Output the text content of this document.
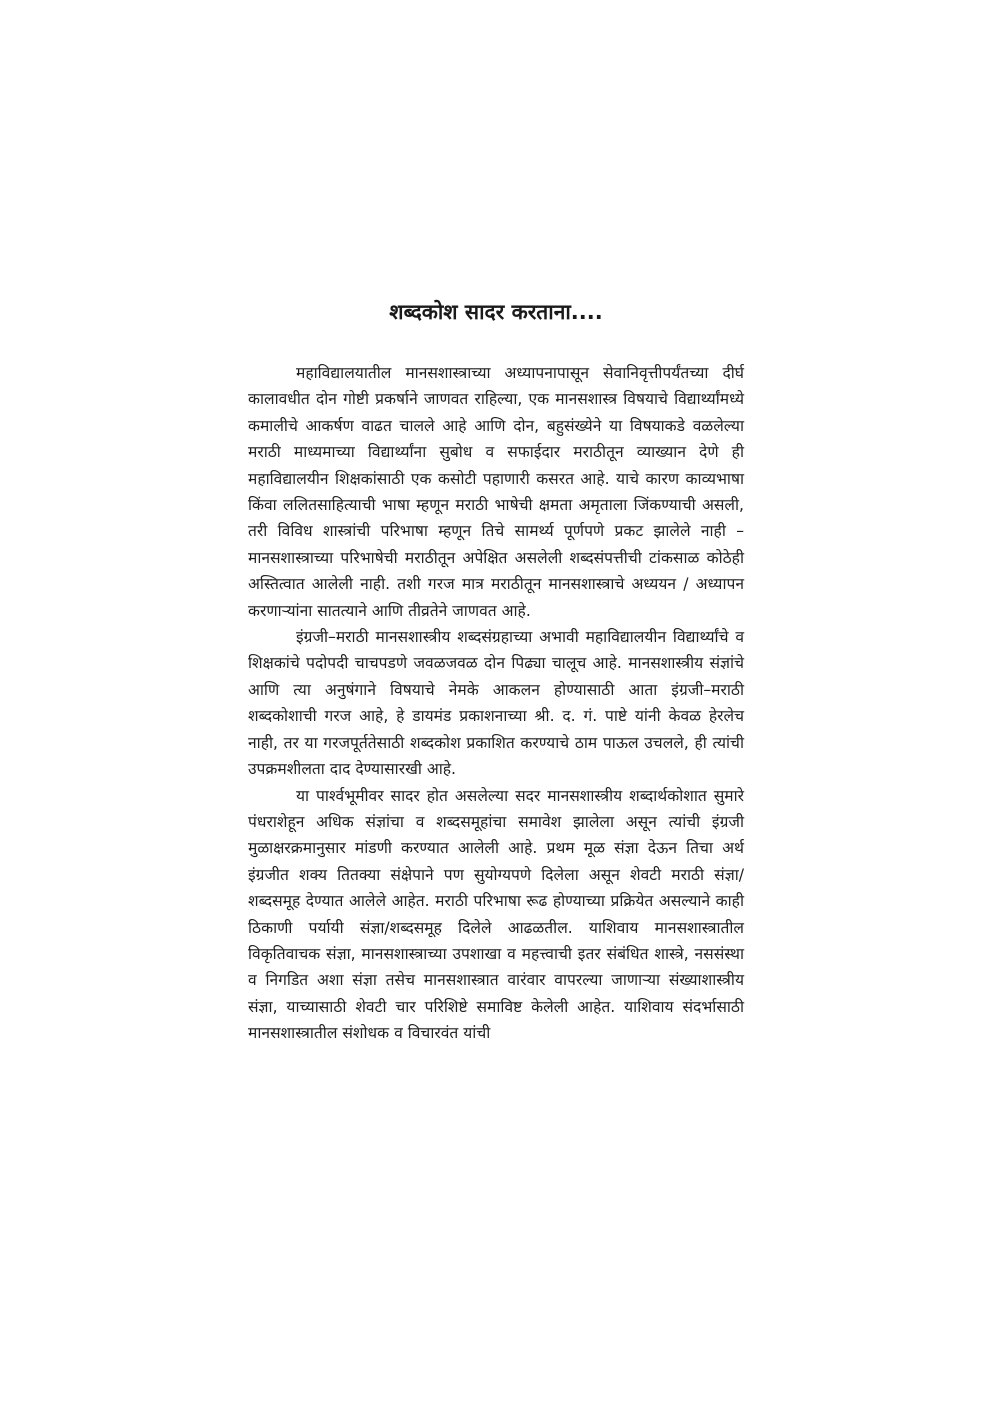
शब्दकोश सादर करताना....

महाविद्यालयातील मानसशास्त्राच्या अध्यापनापासून सेवानिवृत्तीपर्यंतच्या दीर्घ कालावधीत दोन गोष्टी प्रकर्षाने जाणवत राहिल्या, एक मानसशास्त्र विषयाचे विद्यार्थ्यांमध्ये कमालीचे आकर्षण वाढत चालले आहे आणि दोन, बहुसंख्येने या विषयाकडे वळलेल्या मराठी माध्यमाच्या विद्यार्थ्यांना सुबोध व सफाईदार मराठीतून व्याख्यान देणे ही महाविद्यालयीन शिक्षकांसाठी एक कसोटी पहाणारी कसरत आहे. याचे कारण काव्यभाषा किंवा ललितसाहित्याची भाषा म्हणून मराठी भाषेची क्षमता अमृताला जिंकण्याची असली, तरी विविध शास्त्रांची परिभाषा म्हणून तिचे सामर्थ्य पूर्णपणे प्रकट झालेले नाही – मानसशास्त्राच्या परिभाषेची मराठीतून अपेक्षित असलेली शब्दसंपत्तीची टांकसाळ कोठेही अस्तित्वात आलेली नाही. तशी गरज मात्र मराठीतून मानसशास्त्राचे अध्ययन / अध्यापन करणाऱ्यांना सातत्याने आणि तीव्रतेने जाणवत आहे.

इंग्रजी–मराठी मानसशास्त्रीय शब्दसंग्रहाच्या अभावी महाविद्यालयीन विद्यार्थ्यांचे व शिक्षकांचे पदोपदी चाचपडणे जवळजवळ दोन पिढ्या चालूच आहे. मानसशास्त्रीय संज्ञांचे आणि त्या अनुषंगाने विषयाचे नेमके आकलन होण्यासाठी आता इंग्रजी–मराठी शब्दकोशाची गरज आहे, हे डायमंड प्रकाशनाच्या श्री. द. गं. पाष्टे यांनी केवळ हेरलेच नाही, तर या गरजपूर्ततेसाठी शब्दकोश प्रकाशित करण्याचे ठाम पाऊल उचलले, ही त्यांची उपक्रमशीलता दाद देण्यासारखी आहे.

या पार्श्वभूमीवर सादर होत असलेल्या सदर मानसशास्त्रीय शब्दार्थकोशात सुमारे पंधराशेहून अधिक संज्ञांचा व शब्दसमूहांचा समावेश झालेला असून त्यांची इंग्रजी मुळाक्षरक्रमानुसार मांडणी करण्यात आलेली आहे. प्रथम मूळ संज्ञा देऊन तिचा अर्थ इंग्रजीत शक्य तितक्या संक्षेपाने पण सुयोग्यपणे दिलेला असून शेवटी मराठी संज्ञा/शब्दसमूह देण्यात आलेले आहेत. मराठी परिभाषा रूढ होण्याच्या प्रक्रियेत असल्याने काही ठिकाणी पर्यायी संज्ञा/शब्दसमूह दिलेले आढळतील. याशिवाय मानसशास्त्रातील विकृतिवाचक संज्ञा, मानसशास्त्राच्या उपशाखा व महत्त्वाची इतर संबंधित शास्त्रे, नससंस्था व निगडित अशा संज्ञा तसेच मानसशास्त्रात वारंवार वापरल्या जाणाऱ्या संख्याशास्त्रीय संज्ञा, याच्यासाठी शेवटी चार परिशिष्टे समाविष्ट केलेली आहेत. याशिवाय संदर्भासाठी मानसशास्त्रातील संशोधक व विचारवंत यांची
